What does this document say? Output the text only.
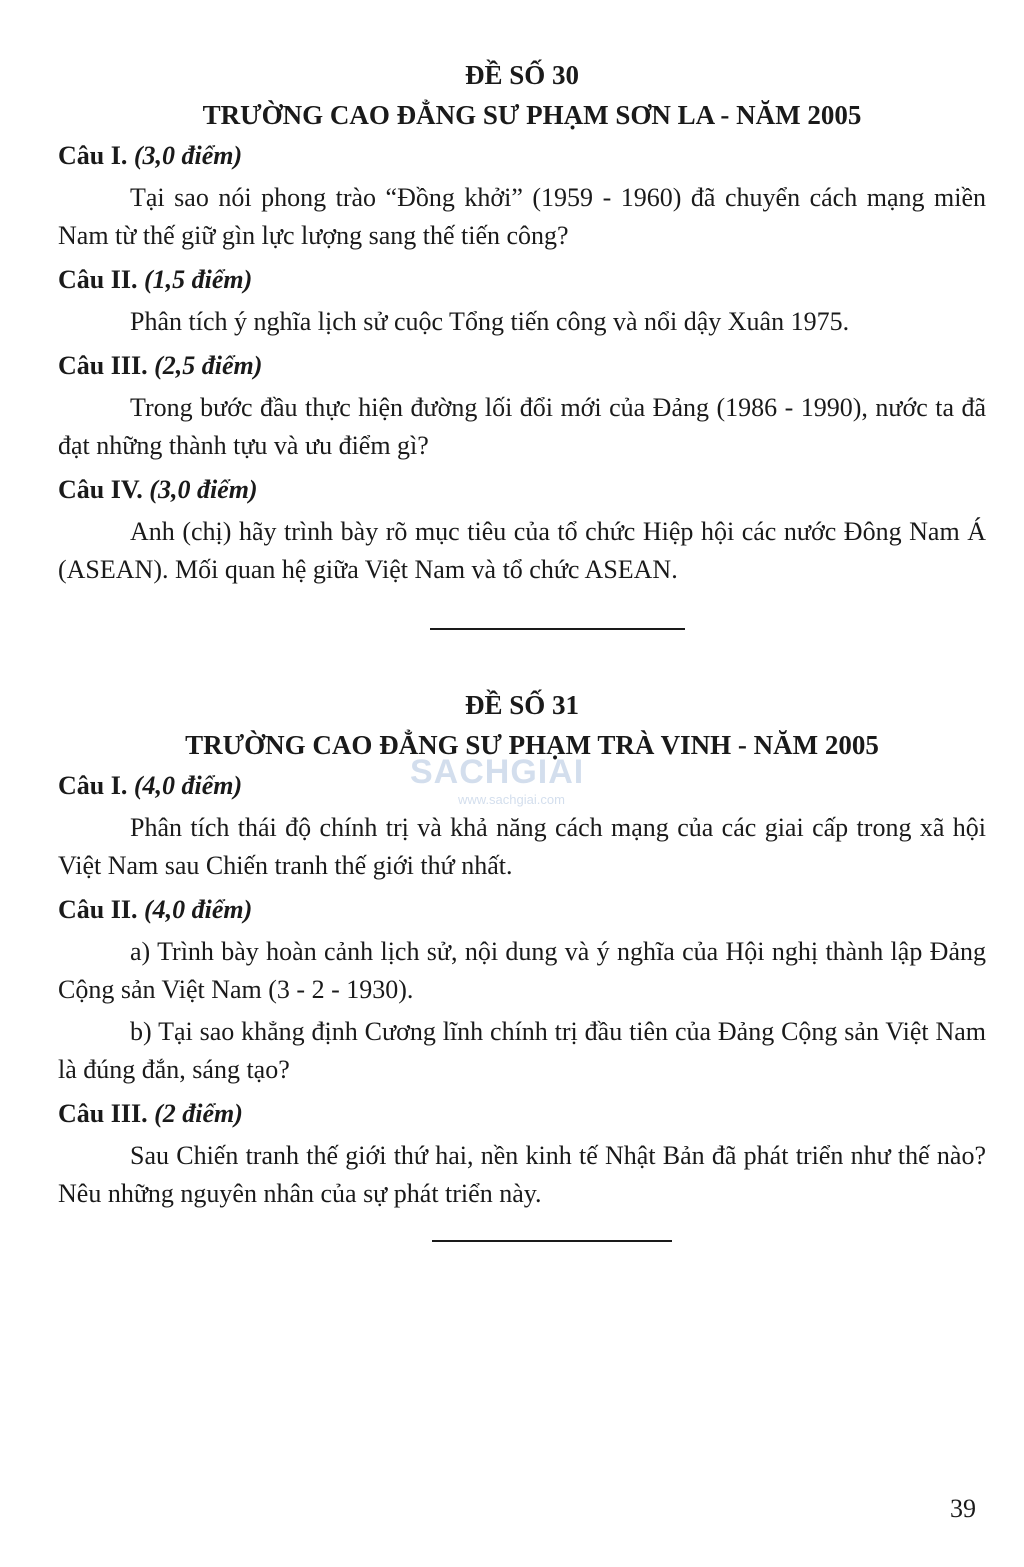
ĐỀ SỐ 30
TRƯỜNG CAO ĐẲNG SƯ PHẠM SƠN LA - NĂM 2005

Câu I. (3,0 điểm)

Tại sao nói phong trào “Đồng khởi” (1959 - 1960) đã chuyển cách mạng miền Nam từ thế giữ gìn lực lượng sang thế tiến công?

Câu II. (1,5 điểm)

Phân tích ý nghĩa lịch sử cuộc Tổng tiến công và nổi dậy Xuân 1975.

Câu III. (2,5 điểm)

Trong bước đầu thực hiện đường lối đổi mới của Đảng (1986 - 1990), nước ta đã đạt những thành tựu và ưu điểm gì?

Câu IV. (3,0 điểm)

Anh (chị) hãy trình bày rõ mục tiêu của tổ chức Hiệp hội các nước Đông Nam Á (ASEAN). Mối quan hệ giữa Việt Nam và tổ chức ASEAN.

ĐỀ SỐ 31
TRƯỜNG CAO ĐẲNG SƯ PHẠM TRÀ VINH - NĂM 2005

Câu I. (4,0 điểm)

Phân tích thái độ chính trị và khả năng cách mạng của các giai cấp trong xã hội Việt Nam sau Chiến tranh thế giới thứ nhất.

Câu II. (4,0 điểm)

a) Trình bày hoàn cảnh lịch sử, nội dung và ý nghĩa của Hội nghị thành lập Đảng Cộng sản Việt Nam (3 - 2 - 1930).

b) Tại sao khẳng định Cương lĩnh chính trị đầu tiên của Đảng Cộng sản Việt Nam là đúng đắn, sáng tạo?

Câu III. (2 điểm)

Sau Chiến tranh thế giới thứ hai, nền kinh tế Nhật Bản đã phát triển như thế nào? Nêu những nguyên nhân của sự phát triển này.

SACHGIAI
www.sachgiai.com
39
